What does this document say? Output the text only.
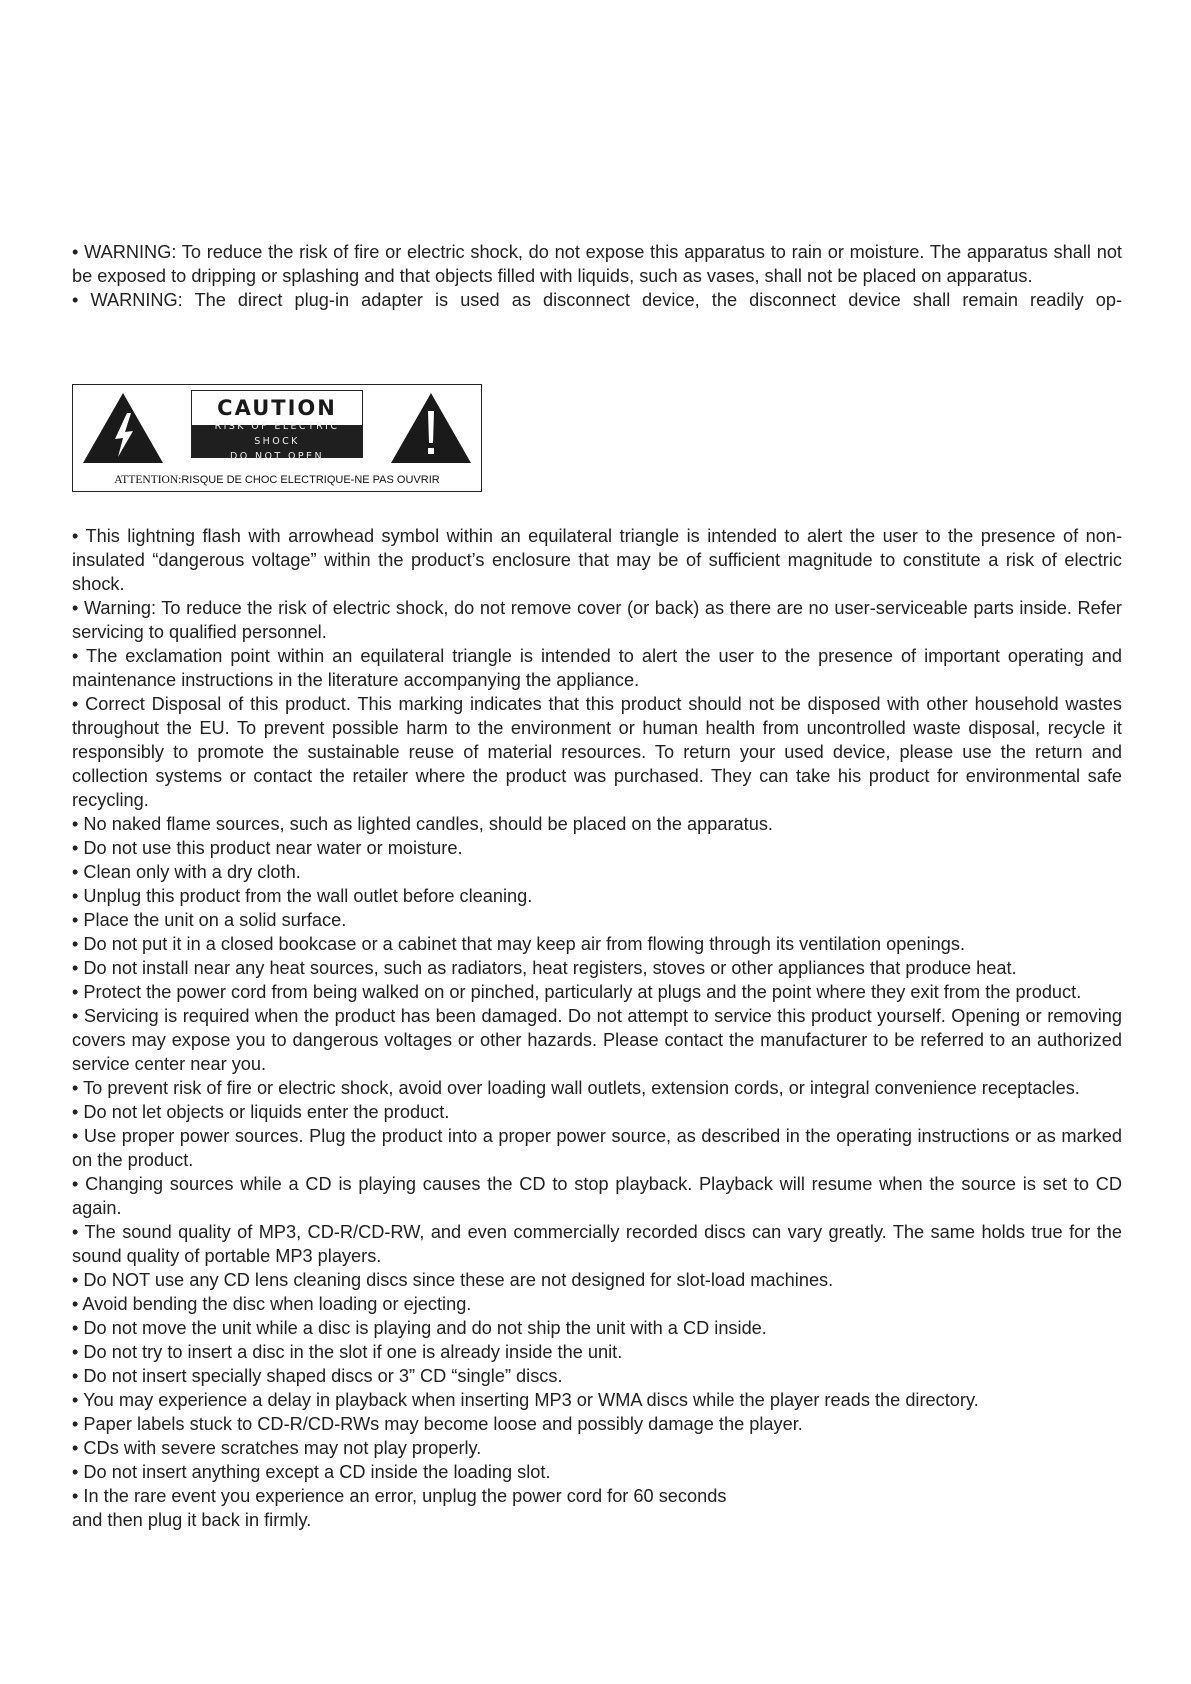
• WARNING: To reduce the risk of fire or electric shock, do not expose this apparatus to rain or moisture. The apparatus shall not be exposed to dripping or splashing and that objects filled with liquids, such as vases, shall not be placed on apparatus.

• WARNING: The direct plug-in adapter is used as disconnect device, the disconnect device shall remain readily op-

CAUTION
RISK OF ELECTRIC SHOCK
DO NOT OPEN
ATTENTION:RISQUE DE CHOC ELECTRIQUE-NE PAS OUVRIR

• This lightning flash with arrowhead symbol within an equilateral triangle is intended to alert the user to the presence of non-insulated “dangerous voltage” within the product’s enclosure that may be of sufficient magnitude to constitute a risk of electric shock.

• Warning: To reduce the risk of electric shock, do not remove cover (or back) as there are no user-serviceable parts inside. Refer servicing to qualified personnel.

• The exclamation point within an equilateral triangle is intended to alert the user to the presence of important operating and maintenance instructions in the literature accompanying the appliance.

• Correct Disposal of this product. This marking indicates that this product should not be disposed with other household wastes throughout the EU. To prevent possible harm to the environment or human health from uncontrolled waste disposal, recycle it responsibly to promote the sustainable reuse of material resources. To return your used device, please use the return and collection systems or contact the retailer where the product was purchased. They can take his product for environmental safe recycling.

• No naked flame sources, such as lighted candles, should be placed on the apparatus.

• Do not use this product near water or moisture.

• Clean only with a dry cloth.

• Unplug this product from the wall outlet before cleaning.

• Place the unit on a solid surface.

• Do not put it in a closed bookcase or a cabinet that may keep air from flowing through its ventilation openings.

• Do not install near any heat sources, such as radiators, heat registers, stoves or other appliances that produce heat.

• Protect the power cord from being walked on or pinched, particularly at plugs and the point where they exit from the product.

• Servicing is required when the product has been damaged. Do not attempt to service this product yourself. Opening or removing covers may expose you to dangerous voltages or other hazards. Please contact the manufacturer to be referred to an authorized service center near you.

• To prevent risk of fire or electric shock, avoid over loading wall outlets, extension cords, or integral convenience receptacles.

• Do not let objects or liquids enter the product.

• Use proper power sources. Plug the product into a proper power source, as described in the operating instructions or as marked on the product.

• Changing sources while a CD is playing causes the CD to stop playback. Playback will resume when the source is set to CD again.

• The sound quality of MP3, CD-R/CD-RW, and even commercially recorded discs can vary greatly. The same holds true for the sound quality of portable MP3 players.

• Do NOT use any CD lens cleaning discs since these are not designed for slot-load machines.

• Avoid bending the disc when loading or ejecting.

• Do not move the unit while a disc is playing and do not ship the unit with a CD inside.

• Do not try to insert a disc in the slot if one is already inside the unit.

• Do not insert specially shaped discs or 3” CD “single” discs.

• You may experience a delay in playback when inserting MP3 or WMA discs while the player reads the directory.

• Paper labels stuck to CD-R/CD-RWs may become loose and possibly damage the player.

• CDs with severe scratches may not play properly.

• Do not insert anything except a CD inside the loading slot.

• In the rare event you experience an error, unplug the power cord for 60 seconds

and then plug it back in firmly.
